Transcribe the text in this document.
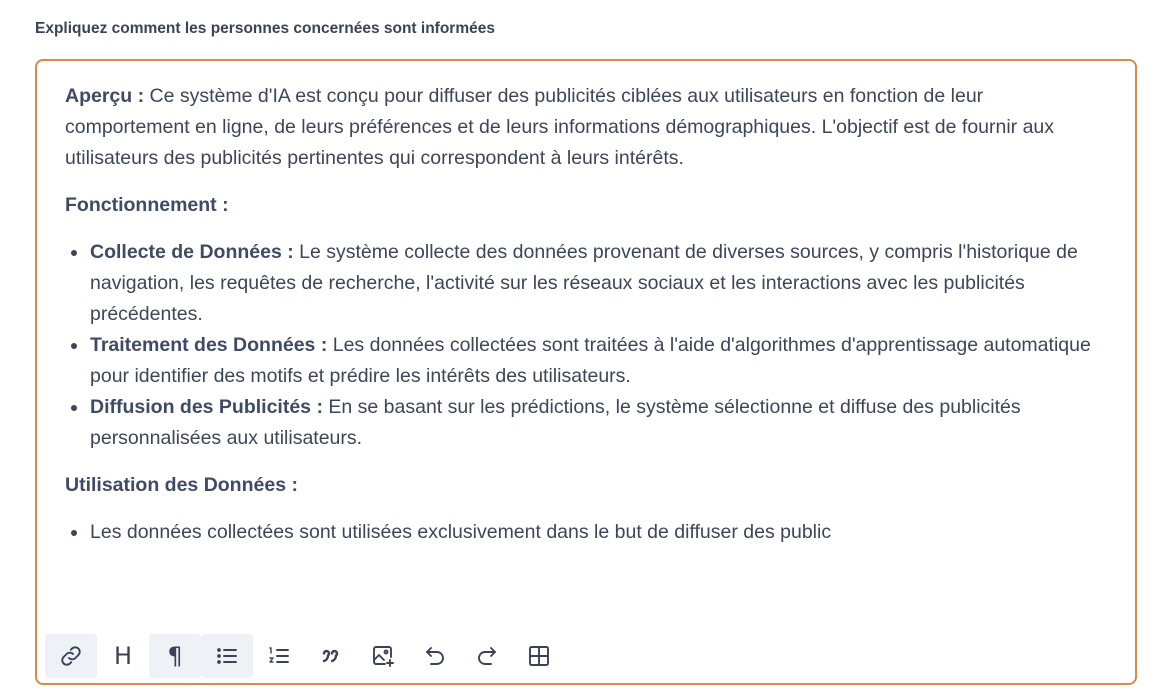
Expliquez comment les personnes concernées sont informées

Aperçu : Ce système d'IA est conçu pour diffuser des publicités ciblées aux utilisateurs en fonction de leur comportement en ligne, de leurs préférences et de leurs informations démographiques. L'objectif est de fournir aux utilisateurs des publicités pertinentes qui correspondent à leurs intérêts.

Fonctionnement :

Collecte de Données : Le système collecte des données provenant de diverses sources, y compris l'historique de navigation, les requêtes de recherche, l'activité sur les réseaux sociaux et les interactions avec les publicités précédentes.
Traitement des Données : Les données collectées sont traitées à l'aide d'algorithmes d'apprentissage automatique pour identifier des motifs et prédire les intérêts des utilisateurs.
Diffusion des Publicités : En se basant sur les prédictions, le système sélectionne et diffuse des publicités personnalisées aux utilisateurs.

Utilisation des Données :

Les données collectées sont utilisées exclusivement dans le but de diffuser des public
H ¶
